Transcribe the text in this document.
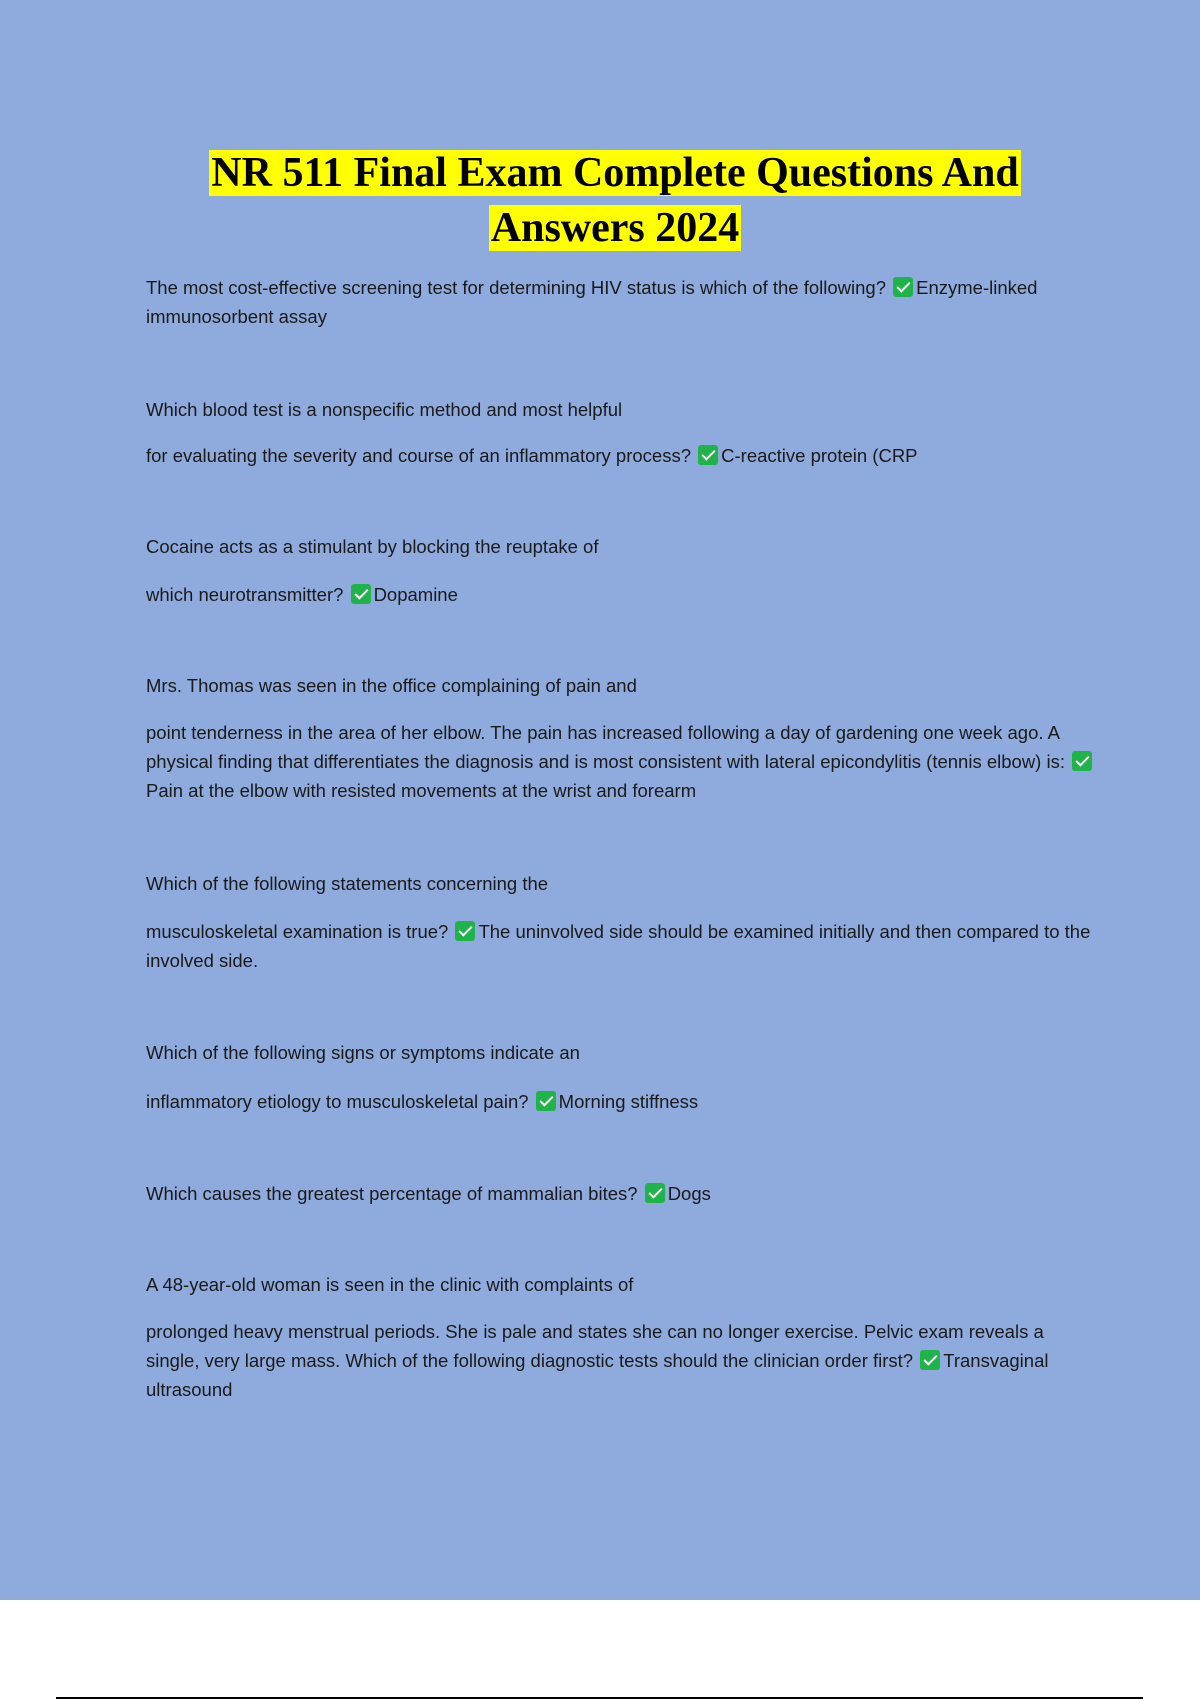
NR 511 Final Exam Complete Questions And
Answers 2024

The most cost-effective screening test for determining HIV status is which of the following? Enzyme-linked immunosorbent assay

Which blood test is a nonspecific method and most helpful

for evaluating the severity and course of an inflammatory process? C-reactive protein (CRP

Cocaine acts as a stimulant by blocking the reuptake of

which neurotransmitter? Dopamine

Mrs. Thomas was seen in the office complaining of pain and

point tenderness in the area of her elbow. The pain has increased following a day of gardening one week ago. A physical finding that differentiates the diagnosis and is most consistent with lateral epicondylitis (tennis elbow) is: Pain at the elbow with resisted movements at the wrist and forearm

Which of the following statements concerning the

musculoskeletal examination is true? The uninvolved side should be examined initially and then compared to the involved side.

Which of the following signs or symptoms indicate an

inflammatory etiology to musculoskeletal pain? Morning stiffness

Which causes the greatest percentage of mammalian bites? Dogs

A 48-year-old woman is seen in the clinic with complaints of

prolonged heavy menstrual periods. She is pale and states she can no longer exercise. Pelvic exam reveals a single, very large mass. Which of the following diagnostic tests should the clinician order first? Transvaginal ultrasound
